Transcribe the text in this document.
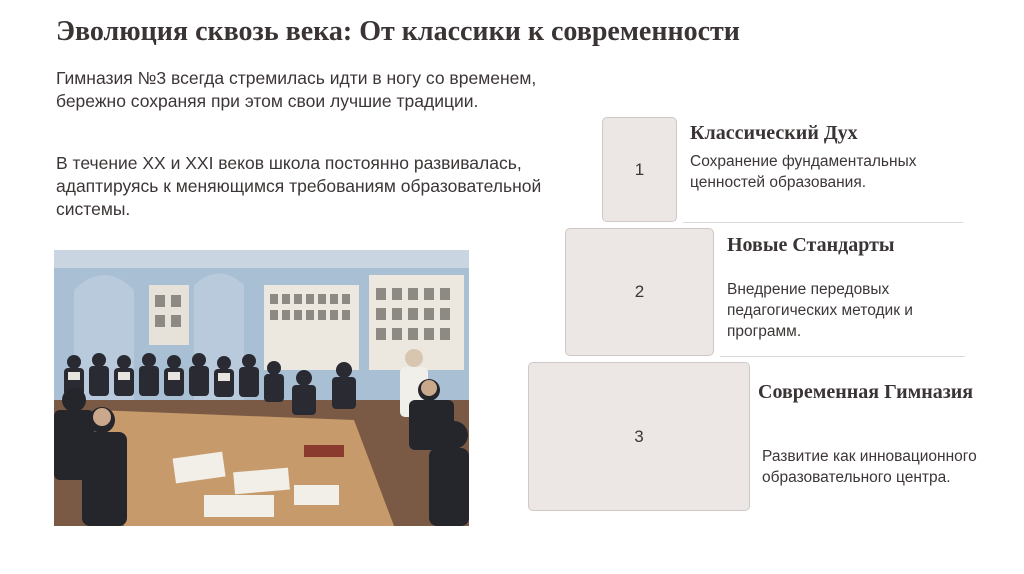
Эволюция сквозь века: От классики к современности
Гимназия №3 всегда стремилась идти в ногу со временем, бережно сохраняя при этом свои лучшие традиции.
В течение XX и XXI веков школа постоянно развивалась, адаптируясь к меняющимся требованиям образовательной системы.
1
Классический Дух
Сохранение фундаментальных ценностей образования.
2
Новые Стандарты
Внедрение передовых педагогических методик и программ.
3
Современная Гимназия
Развитие как инновационного образовательного центра.
